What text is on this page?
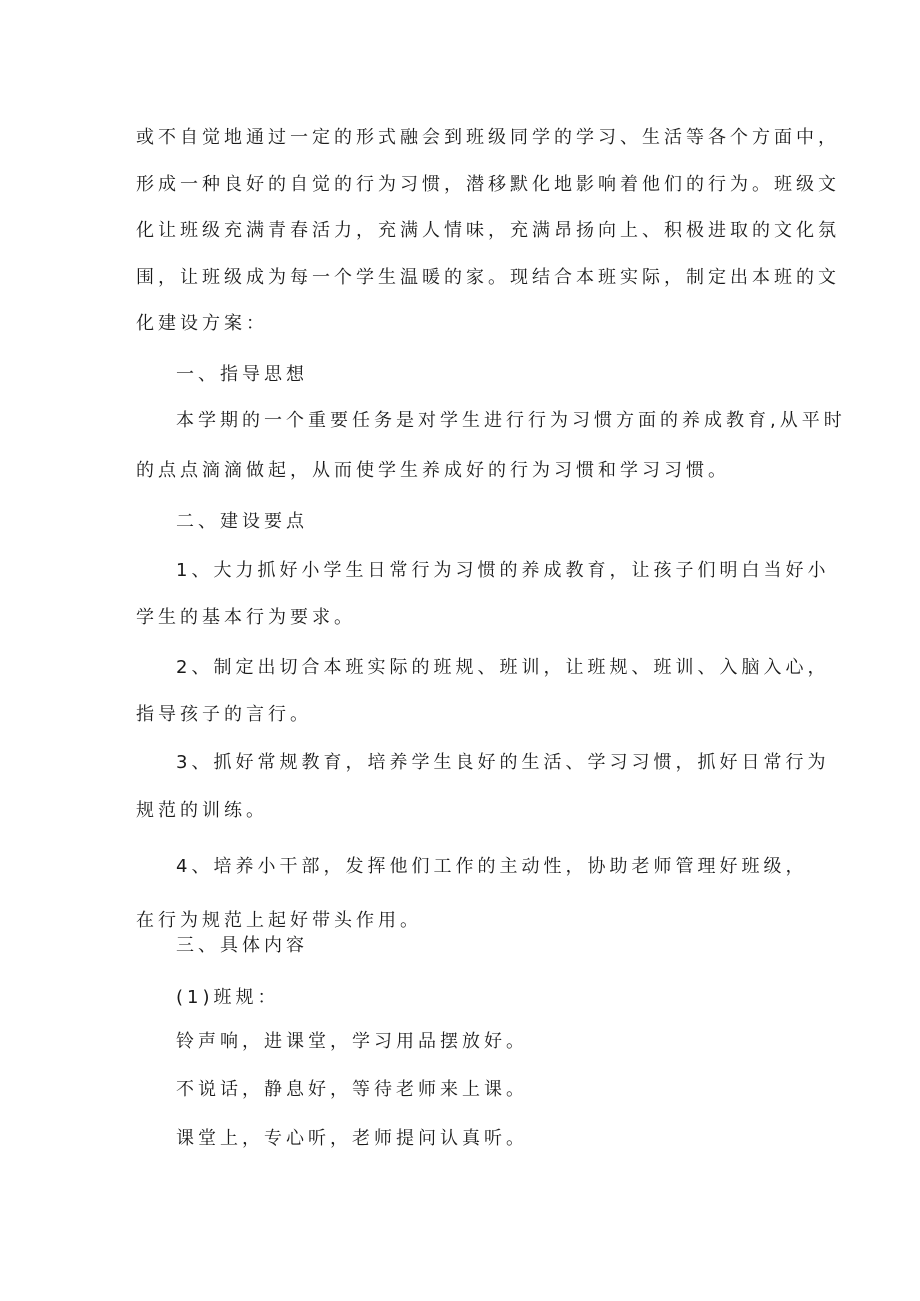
或不自觉地通过一定的形式融会到班级同学的学习、生活等各个方面中，

形成一种良好的自觉的行为习惯，潜移默化地影响着他们的行为。班级文

化让班级充满青春活力，充满人情味，充满昂扬向上、积极进取的文化氛

围，让班级成为每一个学生温暖的家。现结合本班实际，制定出本班的文

化建设方案：

一、指导思想

本学期的一个重要任务是对学生进行行为习惯方面的养成教育,从平时

的点点滴滴做起，从而使学生养成好的行为习惯和学习习惯。

二、建设要点

1、大力抓好小学生日常行为习惯的养成教育，让孩子们明白当好小

学生的基本行为要求。

2、制定出切合本班实际的班规、班训，让班规、班训、入脑入心，

指导孩子的言行。

3、抓好常规教育，培养学生良好的生活、学习习惯，抓好日常行为

规范的训练。

4、培养小干部，发挥他们工作的主动性，协助老师管理好班级，

在行为规范上起好带头作用。

三、具体内容

(1)班规：

铃声响，进课堂，学习用品摆放好。

不说话，静息好，等待老师来上课。

课堂上，专心听，老师提问认真听。
